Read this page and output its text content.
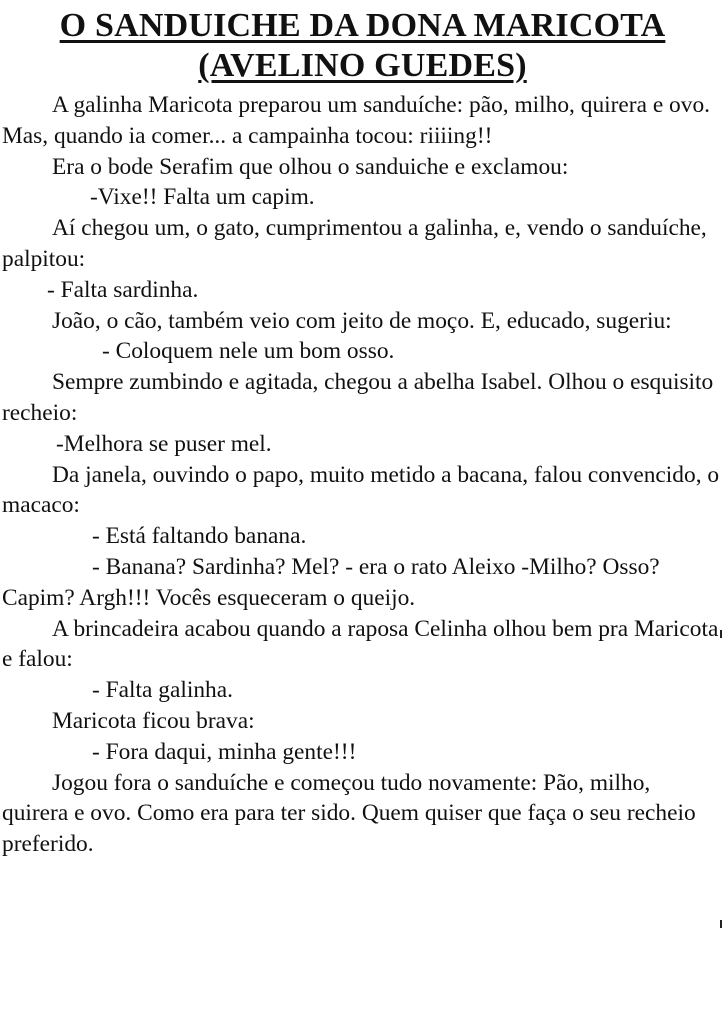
O SANDUICHE DA DONA MARICOTA
(AVELINO GUEDES)

A galinha Maricota preparou um sanduíche: pão, milho, quirera e ovo. Mas, quando ia comer... a campainha tocou: riiiing!!

Era o bode Serafim que olhou o sanduiche e exclamou:

-Vixe!! Falta um capim.

Aí chegou um, o gato, cumprimentou a galinha, e, vendo o sanduíche, palpitou:

- Falta sardinha.

João, o cão, também veio com jeito de moço. E, educado, sugeriu:

- Coloquem nele um bom osso.

Sempre zumbindo e agitada, chegou a abelha Isabel. Olhou o esquisito recheio:

-Melhora se puser mel.

Da janela, ouvindo o papo, muito metido a bacana, falou convencido, o macaco:

- Está faltando banana.

- Banana? Sardinha? Mel? - era o rato Aleixo -Milho? Osso? Capim? Argh!!! Vocês esqueceram o queijo.

A brincadeira acabou quando a raposa Celinha olhou bem pra Maricota e falou:

- Falta galinha.

Maricota ficou brava:

- Fora daqui, minha gente!!!

Jogou fora o sanduíche e começou tudo novamente: Pão, milho, quirera e ovo. Como era para ter sido. Quem quiser que faça o seu recheio preferido.
